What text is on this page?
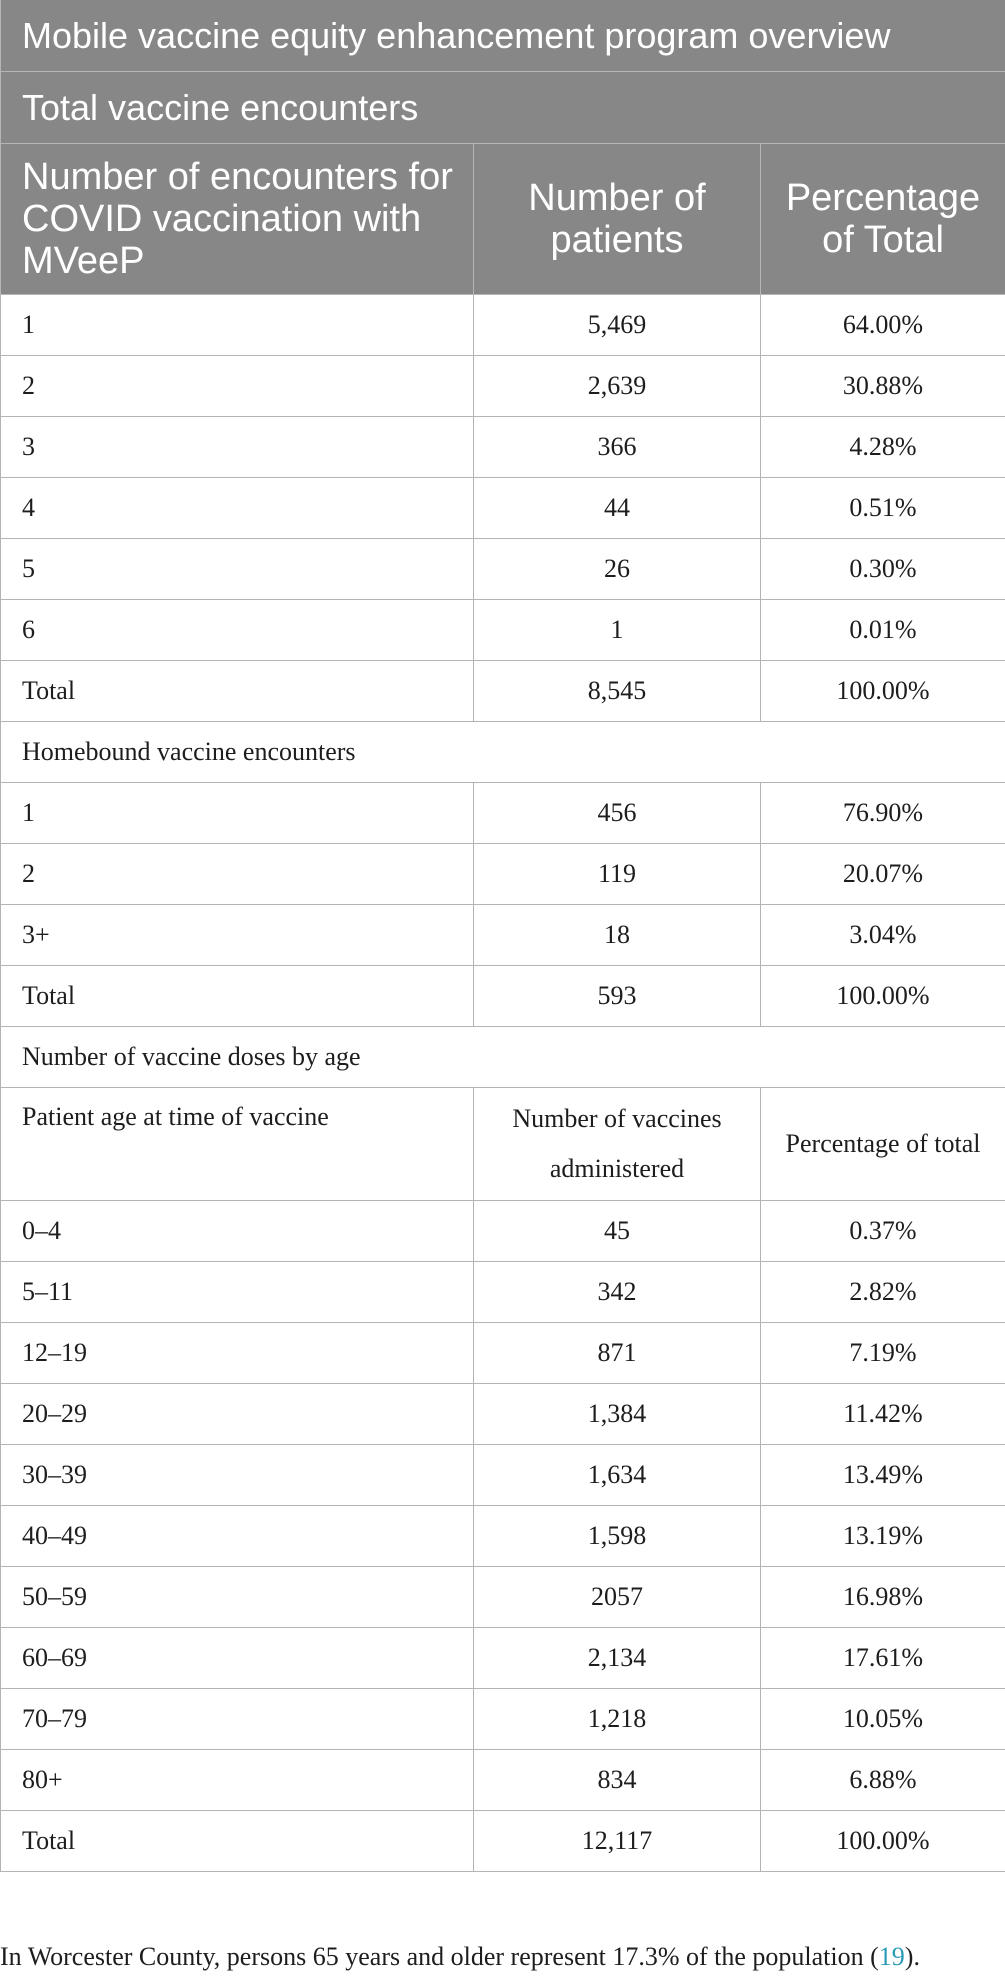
Mobile vaccine equity enhancement program overview		
Total vaccine encounters		
Number of encounters for COVID vaccination with MVeeP	Number of patients	Percentage of Total
1	5,469	64.00%
2	2,639	30.88%
3	366	4.28%
4	44	0.51%
5	26	0.30%
6	1	0.01%
Total	8,545	100.00%
Homebound vaccine encounters		
1	456	76.90%
2	119	20.07%
3+	18	3.04%
Total	593	100.00%
Number of vaccine doses by age		
Patient age at time of vaccine	Number of vaccines administered	Percentage of total
0–4	45	0.37%
5–11	342	2.82%
12–19	871	7.19%
20–29	1,384	11.42%
30–39	1,634	13.49%
40–49	1,598	13.19%
50–59	2057	16.98%
60–69	2,134	17.61%
70–79	1,218	10.05%
80+	834	6.88%
Total	12,117	100.00%
In Worcester County, persons 65 years and older represent 17.3% of the population (19).
